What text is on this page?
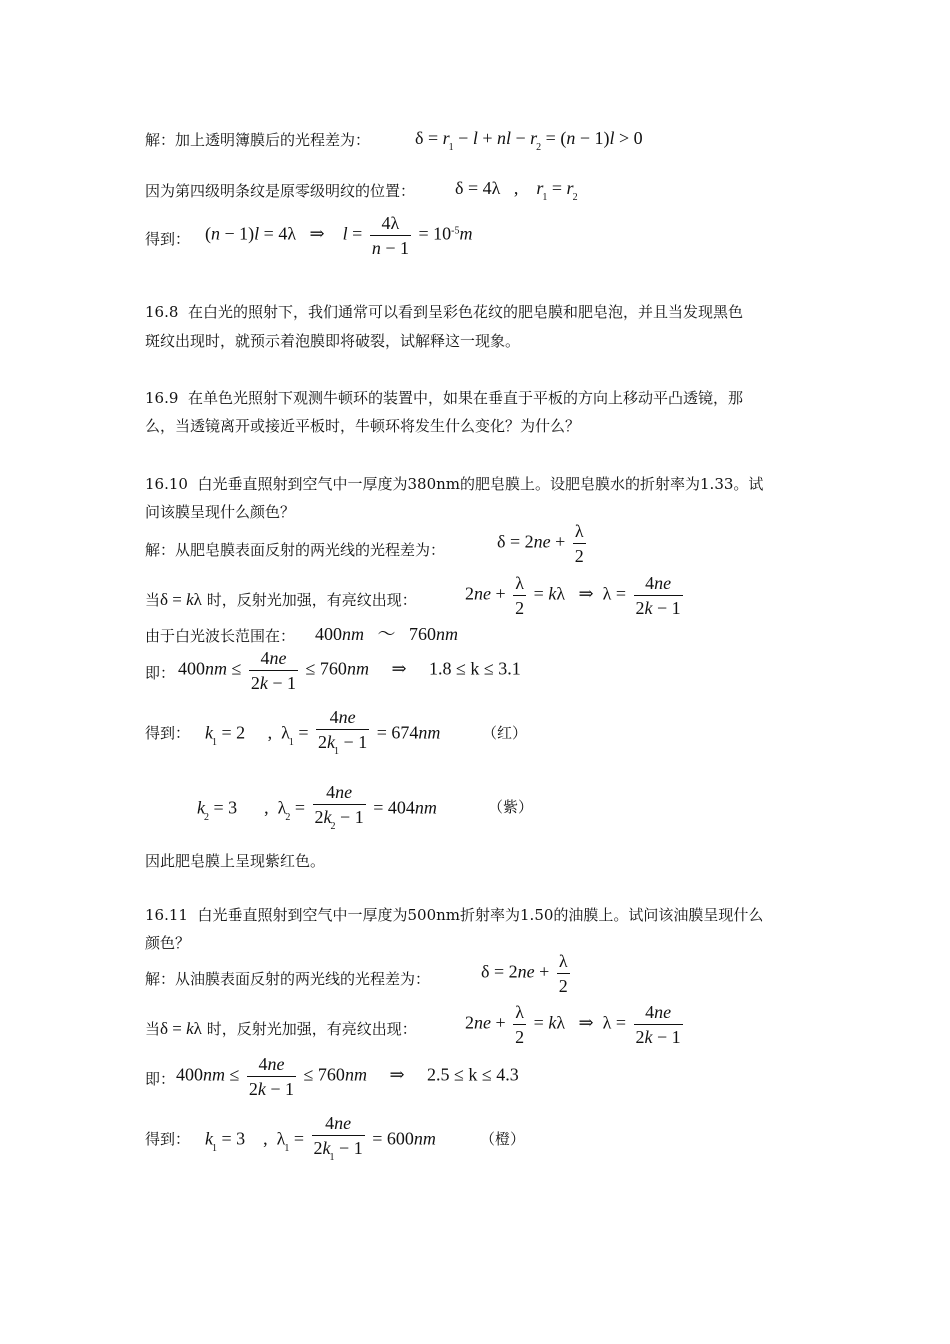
解：加上透明簿膜后的光程差为： $\delta = r_1 - l$ + nl − $r_2 = (n - 1)l > 0$
因为第四级明条纹是原零级明纹的位置： δ = 4λ   ,    $r_1 = r_2$
得到： (n − 1)l = 4λ   ⇒    $l = \frac{4\lambda}{n - 1} = 10^{-5}m$
16.8 在白光的照射下，我们通常可以看到呈彩色花纹的肥皂膜和肥皂泡，并且当发现黑色
斑纹出现时，就预示着泡膜即将破裂，试解释这一现象。
16.9 在单色光照射下观测牛顿环的装置中，如果在垂直于平板的方向上移动平凸透镜，那
么，当透镜离开或接近平板时，牛顿环将发生什么变化？为什么？
16.10 白光垂直照射到空气中一厚度为380nm的肥皂膜上。设肥皂膜水的折射率为1.33。试
问该膜呈现什么颜色？
解：从肥皂膜表面反射的两光线的光程差为：	$\delta = 2ne + \frac{\lambda}{2}$
当δ = kλ 时，反射光加强，有亮纹出现：	$2ne + \frac{\lambda}{2} = k\lambda$   ⇒  $\lambda = \frac{4ne}{2k - 1}$
由于白光波长范围在： 400nm   ～   760nm
即： $400nm \le \frac{4ne}{2k - 1} \le 760nm$     ⇒     1.8 ≤ k ≤ 3.1
得到： $k_1 = 2$     ,  $\lambda_1 = \frac{4ne}{2k_1 - 1} = 674nm$	（红）
$k_2 = 3$      ,  $\lambda_2 = \frac{4ne}{2k_2 - 1} = 404nm$	（紫）
因此肥皂膜上呈现紫红色。
16.11 白光垂直照射到空气中一厚度为500nm折射率为1.50的油膜上。试问该油膜呈现什么
颜色？
解：从油膜表面反射的两光线的光程差为：	$\delta = 2ne + \frac{\lambda}{2}$
当δ = kλ 时，反射光加强，有亮纹出现：	$2ne + \frac{\lambda}{2} = k\lambda$   ⇒  $\lambda = \frac{4ne}{2k - 1}$
即： $400nm \le \frac{4ne}{2k - 1} \le 760nm$     ⇒     2.5 ≤ k ≤ 4.3
得到： $k_1 = 3$    ,  $\lambda_1 = \frac{4ne}{2k_1 - 1} = 600nm$	（橙）
